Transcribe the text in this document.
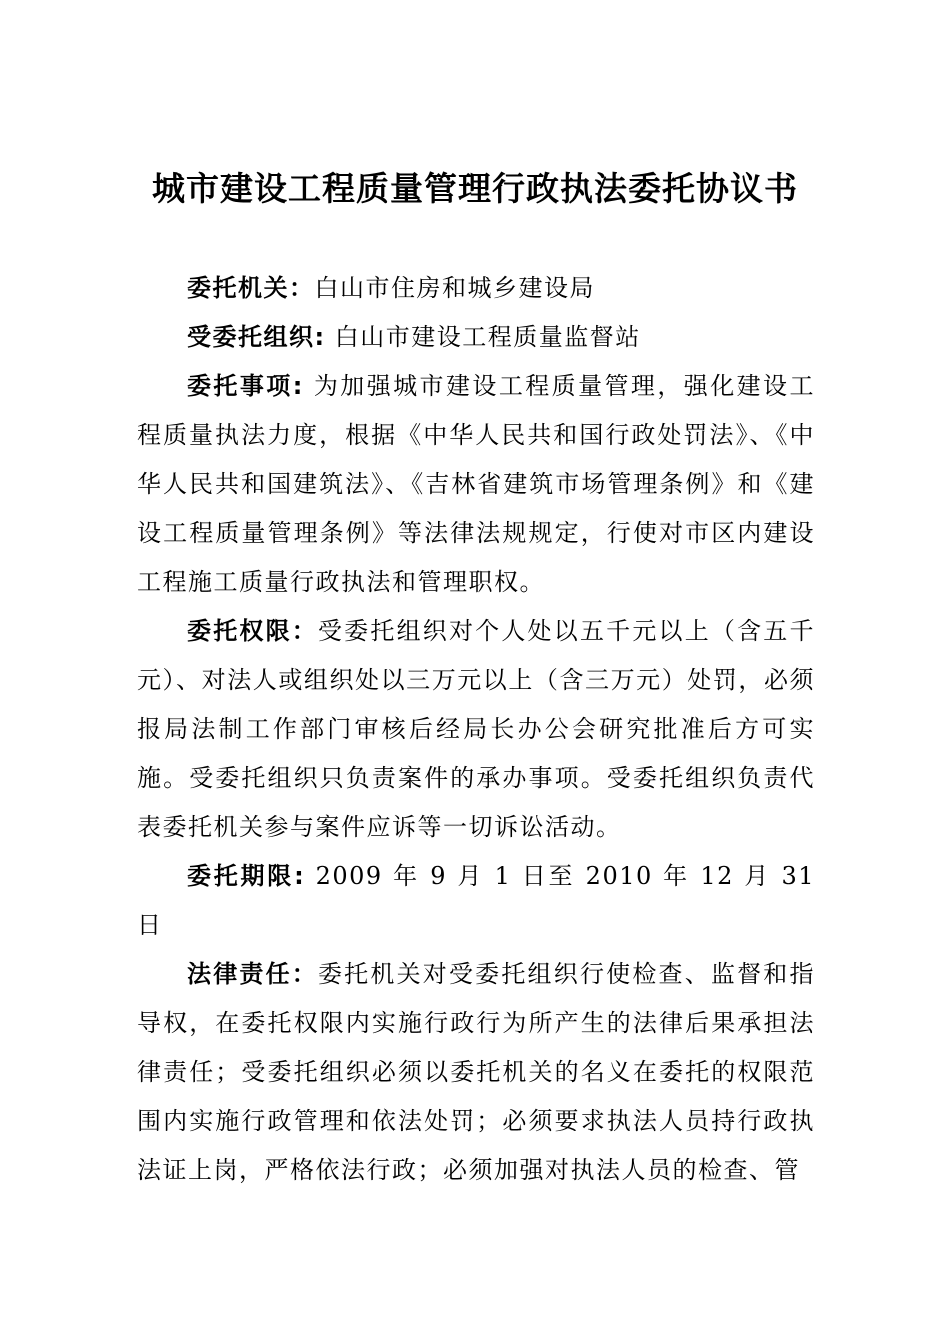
城市建设工程质量管理行政执法委托协议书

委托机关：白山市住房和城乡建设局

受委托组织: 白山市建设工程质量监督站

委托事项: 为加强城市建设工程质量管理，强化建设工程质量执法力度，根据《中华人民共和国行政处罚法》、《中华人民共和国建筑法》、《吉林省建筑市场管理条例》和《建设工程质量管理条例》等法律法规规定，行使对市区内建设工程施工质量行政执法和管理职权。

委托权限：受委托组织对个人处以五千元以上（含五千元）、对法人或组织处以三万元以上（含三万元）处罚，必须报局法制工作部门审核后经局长办公会研究批准后方可实施。受委托组织只负责案件的承办事项。受委托组织负责代表委托机关参与案件应诉等一切诉讼活动。

委托期限: 2009 年 9 月 1 日至 2010 年 12 月 31 日

法律责任：委托机关对受委托组织行使检查、监督和指导权，在委托权限内实施行政行为所产生的法律后果承担法律责任；受委托组织必须以委托机关的名义在委托的权限范围内实施行政管理和依法处罚；必须要求执法人员持行政执法证上岗，严格依法行政；必须加强对执法人员的检查、管
